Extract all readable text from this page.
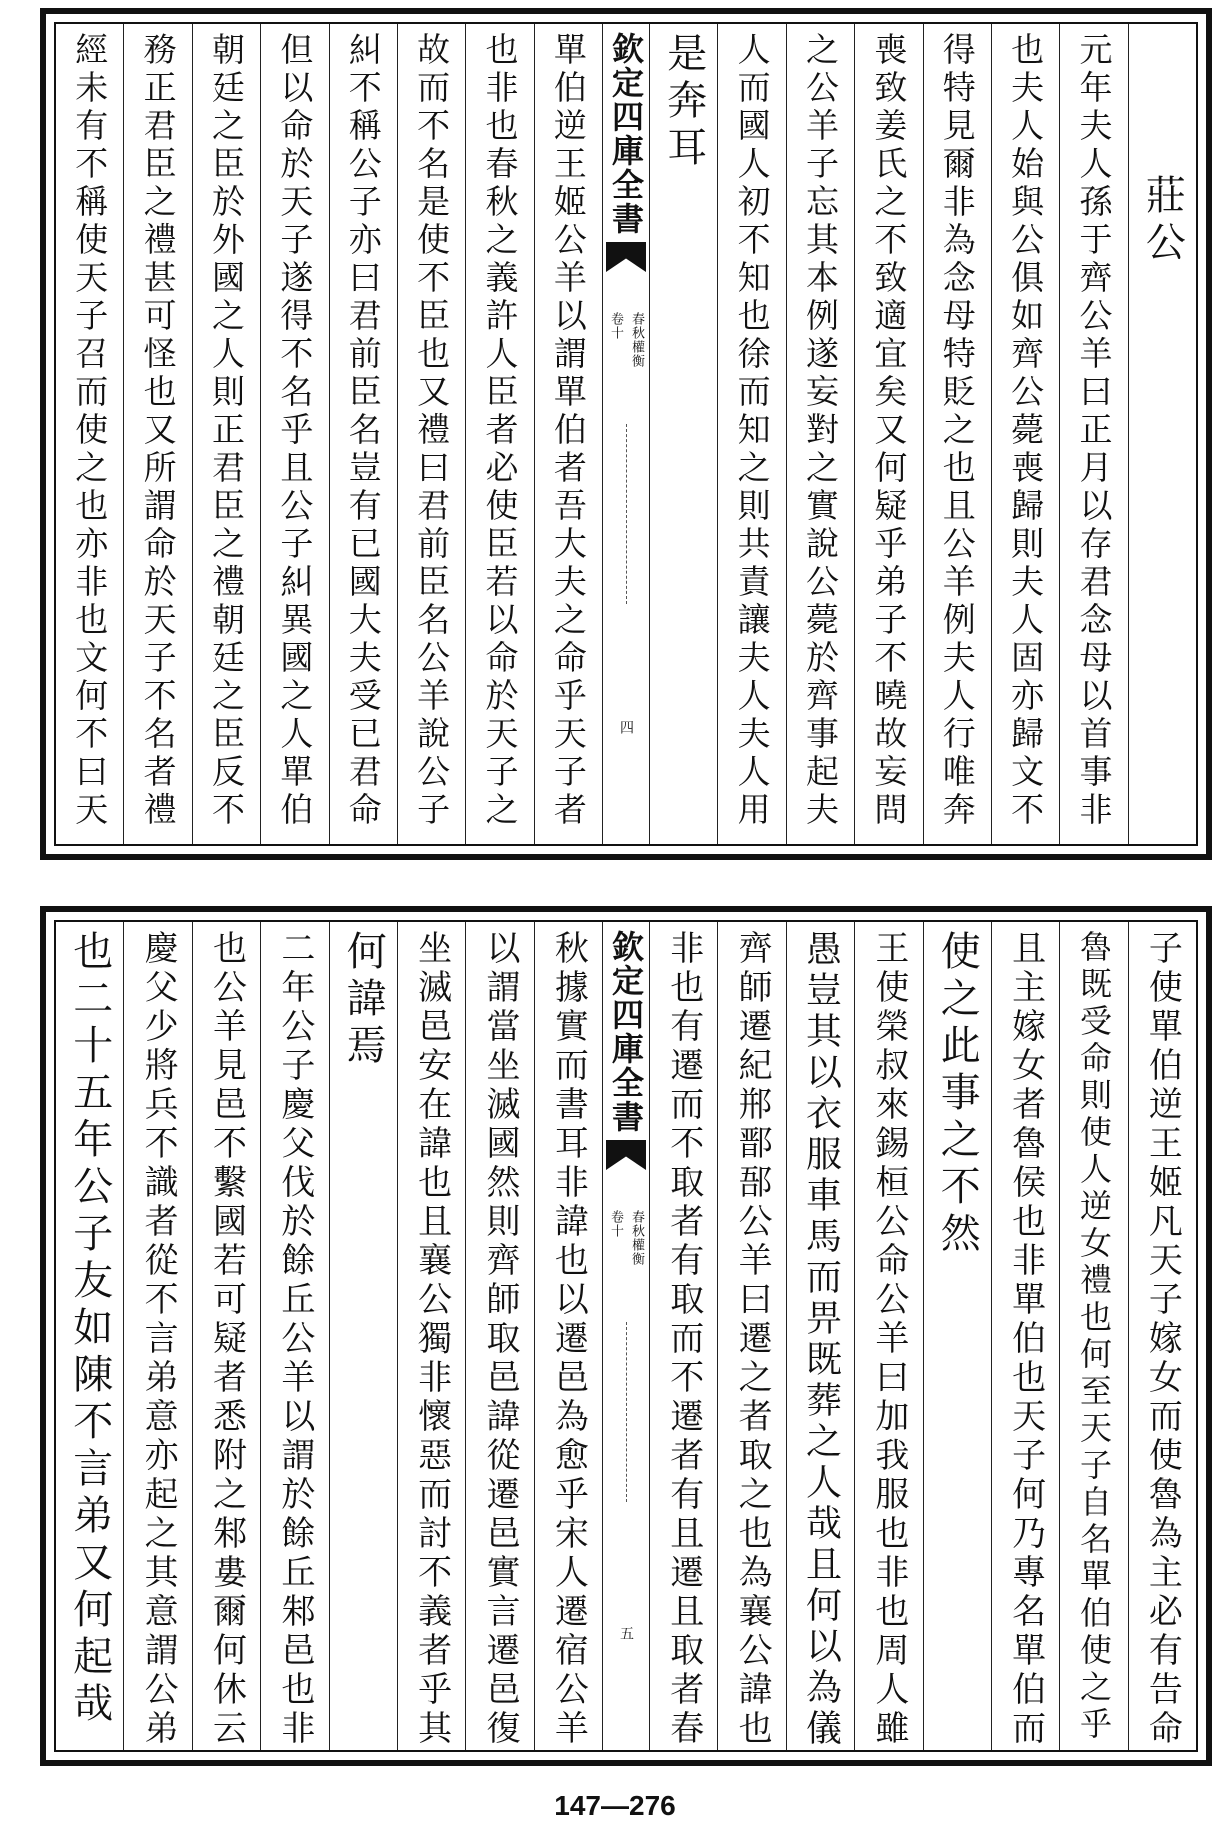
莊公
元年夫人孫于齊公羊曰正月以存君念母以首事非
也夫人始與公俱如齊公薨喪歸則夫人固亦歸文不
得特見爾非為念母特貶之也且公羊例夫人行唯奔
喪致姜氏之不致適宜矣又何疑乎弟子不曉故妄問
之公羊子忘其本例遂妄對之實說公薨於齊事起夫
人而國人初不知也徐而知之則共責讓夫人夫人用
是奔耳
欽定四庫全書
春秋權衡
卷十
四
單伯逆王姬公羊以謂單伯者吾大夫之命乎天子者
也非也春秋之義許人臣者必使臣若以命於天子之
故而不名是使不臣也又禮曰君前臣名公羊說公子
糾不稱公子亦曰君前臣名豈有已國大夫受已君命
但以命於天子遂得不名乎且公子糾異國之人單伯
朝廷之臣於外國之人則正君臣之禮朝廷之臣反不
務正君臣之禮甚可怪也又所謂命於天子不名者禮
經未有不稱使天子召而使之也亦非也文何不曰天
子使單伯逆王姬凡天子嫁女而使魯為主必有告命
魯既受命則使人逆女禮也何至天子自名單伯使之乎
且主嫁女者魯侯也非單伯也天子何乃專名單伯而
使之此事之不然
王使榮叔來錫桓公命公羊曰加我服也非也周人雖
愚豈其以衣服車馬而畀既葬之人哉且何以為儀
齊師遷紀郱鄑郚公羊曰遷之者取之也為襄公諱也
非也有遷而不取者有取而不遷者有且遷且取者春
欽定四庫全書
春秋權衡
卷十
五
秋據實而書耳非諱也以遷邑為愈乎宋人遷宿公羊
以謂當坐滅國然則齊師取邑諱從遷邑實言遷邑復
坐滅邑安在諱也且襄公獨非懷惡而討不義者乎其
何諱焉
二年公子慶父伐於餘丘公羊以謂於餘丘邾邑也非
也公羊見邑不繫國若可疑者悉附之邾婁爾何休云
慶父少將兵不識者從不言弟意亦起之其意謂公弟
也二十五年公子友如陳不言弟又何起哉
147—276
